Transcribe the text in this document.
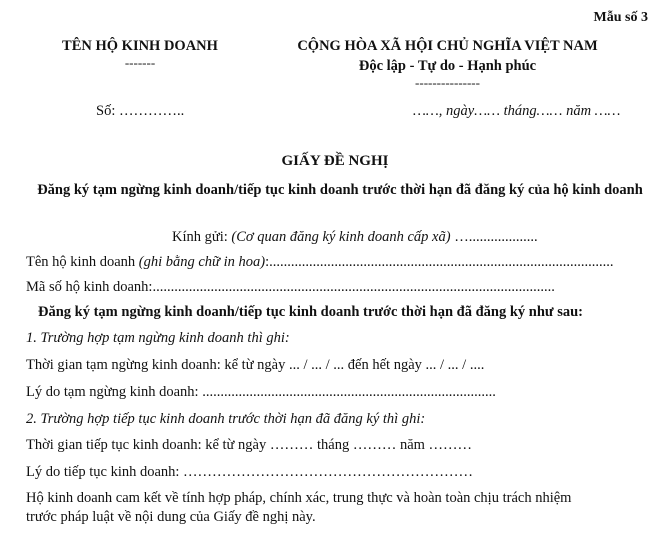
Mẫu số 3
TÊN HỘ KINH DOANH
-------
CỘNG HÒA XÃ HỘI CHỦ NGHĨA VIỆT NAM
Độc lập - Tự do - Hạnh phúc
---------------
Số: …………..	……, ngày…… tháng…… năm ……
GIẤY ĐỀ NGHỊ
Đăng ký tạm ngừng kinh doanh/tiếp tục kinh doanh trước thời hạn đã đăng ký của hộ kinh doanh
Kính gửi: (Cơ quan đăng ký kinh doanh cấp xã) …...................
Tên hộ kinh doanh (ghi bằng chữ in hoa):...............................................................................................
Mã số hộ kinh doanh:...............................................................................................................
Đăng ký tạm ngừng kinh doanh/tiếp tục kinh doanh trước thời hạn đã đăng ký như sau:
1. Trường hợp tạm ngừng kinh doanh thì ghi:
Thời gian tạm ngừng kinh doanh: kể từ ngày ... / ... / ... đến hết ngày ... / ... / ....
Lý do tạm ngừng kinh doanh: .................................................................................
2. Trường hợp tiếp tục kinh doanh trước thời hạn đã đăng ký thì ghi:
Thời gian tiếp tục kinh doanh: kể từ ngày ……… tháng ……… năm ………
Lý do tiếp tục kinh doanh: ……………………………………………………
Hộ kinh doanh cam kết về tính hợp pháp, chính xác, trung thực và hoàn toàn chịu trách nhiệm
trước pháp luật về nội dung của Giấy đề nghị này.
